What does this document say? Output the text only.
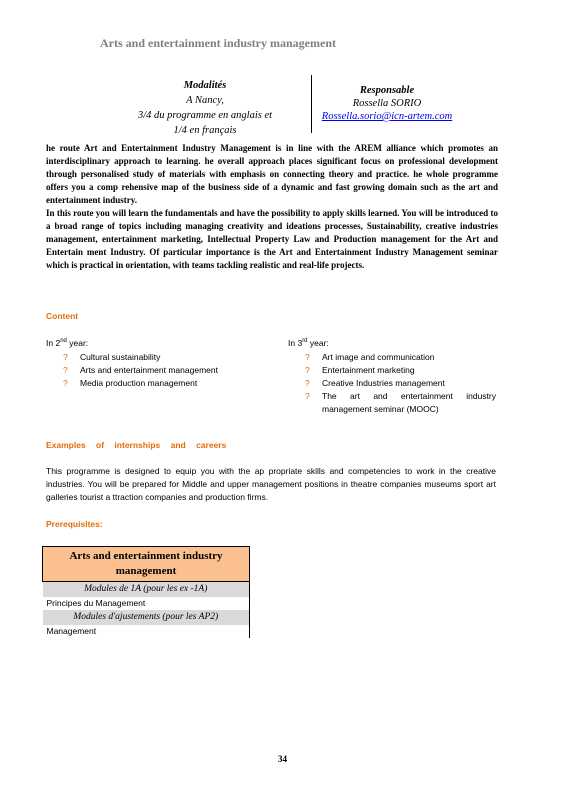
Arts and entertainment industry management
Modalités
A Nancy,
3/4 du programme en anglais et
1/4 en français
Responsable
Rossella SORIO
Rossella.sorio@icn-artem.com

he route Art and Entertainment Industry Management is in line with the AREM alliance which promotes an interdisciplinary approach to learning. he overall approach places significant focus on professional development through personalised study of materials with emphasis on connecting theory and practice. he whole programme offers you a comp rehensive map of the business side of a dynamic and fast growing domain such as the art and entertainment industry.

In this route you will learn the fundamentals and have the possibility to apply skills learned. You will be introduced to a broad range of topics including managing creativity and ideations processes, Sustainability, creative industries management, entertainment marketing, Intellectual Property Law and Production management for the Art and Entertain ment Industry. Of particular importance is the Art and Entertainment Industry Management seminar which is practical in orientation, with teams tackling realistic and real-life projects.

Content
In 2nd year:
? Cultural sustainability
? Arts and entertainment management
? Media production management
In 3rd year:
? Art image and communication
? Entertainment marketing
? Creative Industries management
? The art and entertainment industry management seminar (MOOC)
Examples of internships and careers
This programme is designed to equip you with the ap propriate skills and competencies to work in the creative industries. You will be prepared for Middle and upper management positions in theatre companies museums sport art galleries tourist a ttraction companies and production firms.
Prerequisites:
Arts and entertainment industry management
Modules de 1A (pour les ex -1A)
Principes du Management
Modules d'ajustements (pour les AP2)
Management
34
